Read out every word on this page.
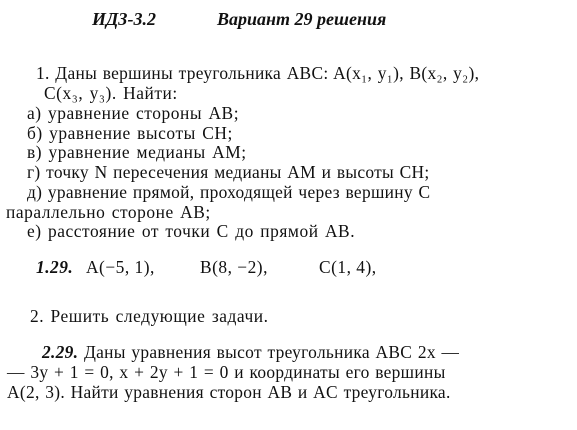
ИДЗ-3.2	Вариант 29 решения
1. Даны вершины треугольника ABC: A(x₁, y₁), B(x₂, y₂),
C(x₃, y₃). Найти:
а) уравнение стороны AB;
б) уравнение высоты CH;
в) уравнение медианы AM;
г) точку N пересечения медианы AM и высоты CH;
д) уравнение прямой, проходящей через вершину C
параллельно стороне AB;
е) расстояние от точки C до прямой AB.
1.29. A(−5, 1),	B(8, −2),	C(1, 4),
2. Решить следующие задачи.
2.29. Даны уравнения высот треугольника ABC 2x —
— 3y + 1 = 0, x + 2y + 1 = 0 и координаты его вершины
A(2, 3). Найти уравнения сторон AB и AC треугольника.
